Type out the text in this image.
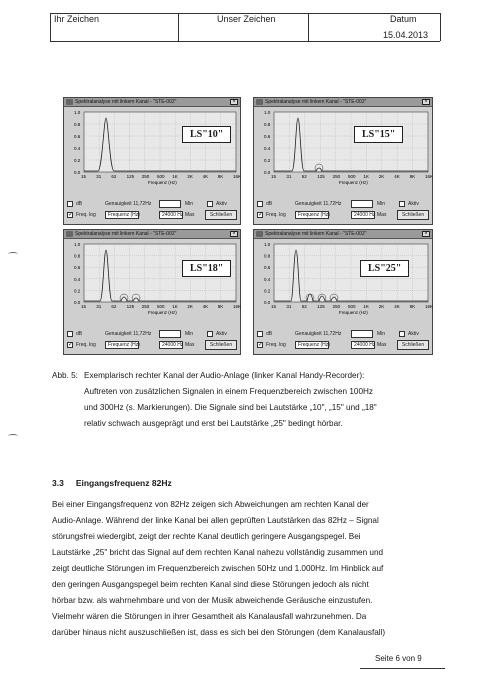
Ihr Zeichen	Unser Zeichen	Datum
15.04.2013
Spektralanalyse mit linkem Kanal - "STE-002"	×
1.0
0.8
0.6
0.4
0.2
0.0
15 31 62 125 250 500 1K 2K 4K 8K 16K
Frequenz (Hz)
LS"10"
dB	Genauigkeit 11,72Hz	Min	Aktiv
✓
Freq. log	Frequenz (Hz)	24000 Hz Max	Schließen
Spektralanalyse mit linkem Kanal - "STE-002"	×
1.0
0.8
0.6
0.4
0.2
0.0
15 31 62 125 250 500 1K 2K 4K 8K 16K
Frequenz (Hz)
LS"15"
dB	Genauigkeit 11,72Hz	Min	Aktiv
✓
Freq. log	Frequenz (Hz)	24000 Hz Max	Schließen
Spektralanalyse mit linkem Kanal - "STE-002"	×
1.0
0.8
0.6
0.4
0.2
0.0
15 31 62 125 250 500 1K 2K 4K 8K 16K
Frequenz (Hz)
LS"18"
dB	Genauigkeit 11,72Hz	Min	Aktiv
✓
Freq. log	Frequenz (Hz)	24000 Hz Max	Schließen
Spektralanalyse mit linkem Kanal - "STE-002"	×
1.0
0.8
0.6
0.4
0.2
0.0
15 31 62 125 250 500 1K 2K 4K 8K 16K
Frequenz (Hz)
LS"25"
dB	Genauigkeit 11,72Hz	Min	Aktiv
✓
Freq. log	Frequenz (Hz)	24000 Hz Max	Schließen
Abb. 5: Exemplarisch rechter Kanal der Audio-Anlage (linker Kanal Handy-Recorder):
Auftreten von zusätzlichen Signalen in einem Frequenzbereich zwischen 100Hz
und 300Hz (s. Markierungen). Die Signale sind bei Lautstärke „10", „15" und „18"
relativ schwach ausgeprägt und erst bei Lautstärke „25" bedingt hörbar.
3.3 Eingangsfrequenz 82Hz
Bei einer Eingangsfrequenz von 82Hz zeigen sich Abweichungen am rechten Kanal der
Audio-Anlage. Während der linke Kanal bei allen geprüften Lautstärken das 82Hz – Signal
störungsfrei wiedergibt, zeigt der rechte Kanal deutlich geringere Ausgangspegel. Bei
Lautstärke „25" bricht das Signal auf dem rechten Kanal nahezu vollständig zusammen und
zeigt deutliche Störungen im Frequenzbereich zwischen 50Hz und 1.000Hz. Im Hinblick auf
den geringen Ausgangspegel beim rechten Kanal sind diese Störungen jedoch als nicht
hörbar bzw. als wahrnehmbare und von der Musik abweichende Geräusche einzustufen.
Vielmehr wären die Störungen in ihrer Gesamtheit als Kanalausfall wahrzunehmen. Da
darüber hinaus nicht auszuschließen ist, dass es sich bei den Störungen (dem Kanalausfall)
Seite 6 von 9
